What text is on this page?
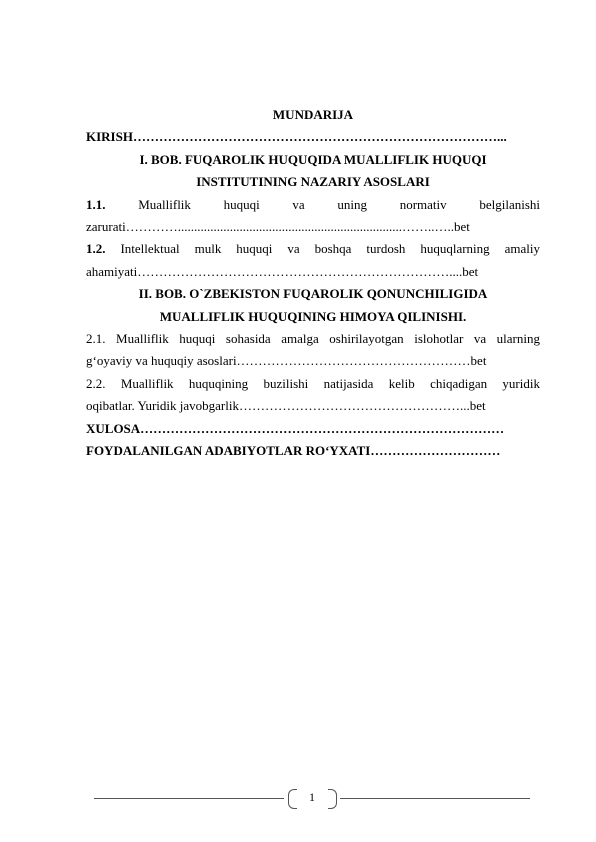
MUNDARIJA
KIRISH…………………………………………………………………………...
I. BOB. FUQAROLIK HUQUQIDA MUALLIFLIK HUQUQI
INSTITUTINING NAZARIY ASOSLARI
1.1.	Mualliflik huquqi va uning normativ belgilanishi
zarurati………….....................................................................……..…..bet
1.2. Intellektual mulk huquqi va boshqa turdosh huquqlarning amaliy
ahamiyati………………………………………………………………....bet
II. BOB. O`ZBEKISTON FUQAROLIK QONUNCHILIGIDA
MUALLIFLIK HUQUQINING HIMOYA QILINISHI.
2.1. Mualliflik huquqi sohasida amalga oshirilayotgan islohotlar va ularning
g‘oyaviy va huquqiy asoslari………………………………………………bet
2.2. Mualliflik huquqining buzilishi natijasida kelib chiqadigan yuridik
oqibatlar. Yuridik javobgarlik……………………………………………...bet
XULOSA…………………………………………………………………………
FOYDALANILGAN ADABIYOTLAR RO‘YXATI…………………………
1
